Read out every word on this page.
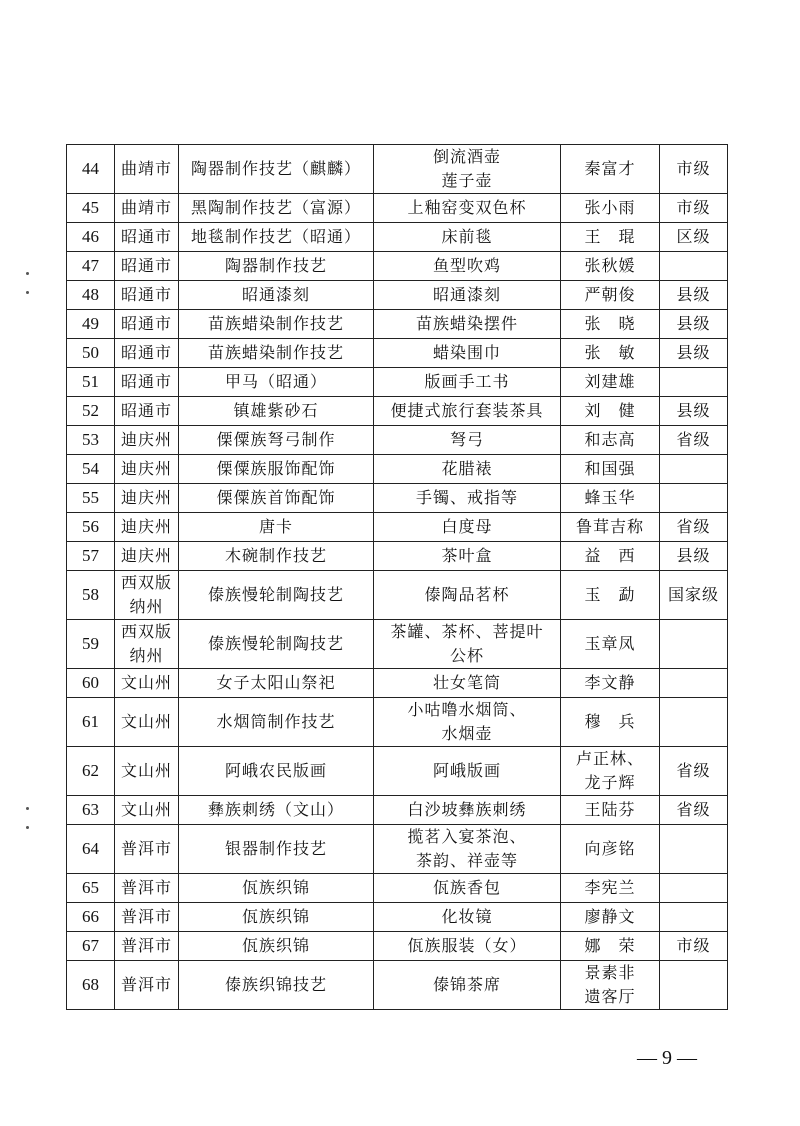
44	曲靖市	陶器制作技艺（麒麟）	倒流酒壶
莲子壶	秦富才	市级

45	曲靖市	黑陶制作技艺（富源）	上釉窑变双色杯	张小雨	市级

46	昭通市	地毯制作技艺（昭通）	床前毯	王　琨	区级

47	昭通市	陶器制作技艺	鱼型吹鸡	张秋媛	

48	昭通市	昭通漆刻	昭通漆刻	严朝俊	县级

49	昭通市	苗族蜡染制作技艺	苗族蜡染摆件	张　晓	县级

50	昭通市	苗族蜡染制作技艺	蜡染围巾	张　敏	县级

51	昭通市	甲马（昭通）	版画手工书	刘建雄	

52	昭通市	镇雄紫砂石	便捷式旅行套装茶具	刘　健	县级

53	迪庆州	傈僳族弩弓制作	弩弓	和志高	省级

54	迪庆州	傈僳族服饰配饰	花腊裱	和国强	

55	迪庆州	傈僳族首饰配饰	手镯、戒指等	蜂玉华	

56	迪庆州	唐卡	白度母	鲁茸吉称	省级

57	迪庆州	木碗制作技艺	茶叶盒	益　西	县级

58	西双版
纳州	傣族慢轮制陶技艺	傣陶品茗杯	玉　勐	国家级

59	西双版
纳州	傣族慢轮制陶技艺	茶罐、茶杯、菩提叶
公杯	玉章凤	

60	文山州	女子太阳山祭祀	壮女笔筒	李文静	

61	文山州	水烟筒制作技艺	小咕噜水烟筒、
水烟壶	穆　兵	

62	文山州	阿峨农民版画	阿峨版画	卢正林、
龙子辉	省级

63	文山州	彝族刺绣（文山）	白沙坡彝族刺绣	王陆芬	省级

64	普洱市	银器制作技艺	揽茗入宴茶泡、
茶韵、祥壶等	向彦铭	

65	普洱市	佤族织锦	佤族香包	李宪兰	

66	普洱市	佤族织锦	化妆镜	廖静文	

67	普洱市	佤族织锦	佤族服装（女）	娜　荣	市级

68	普洱市	傣族织锦技艺	傣锦茶席	景素非
遗客厅	

— 9 —
